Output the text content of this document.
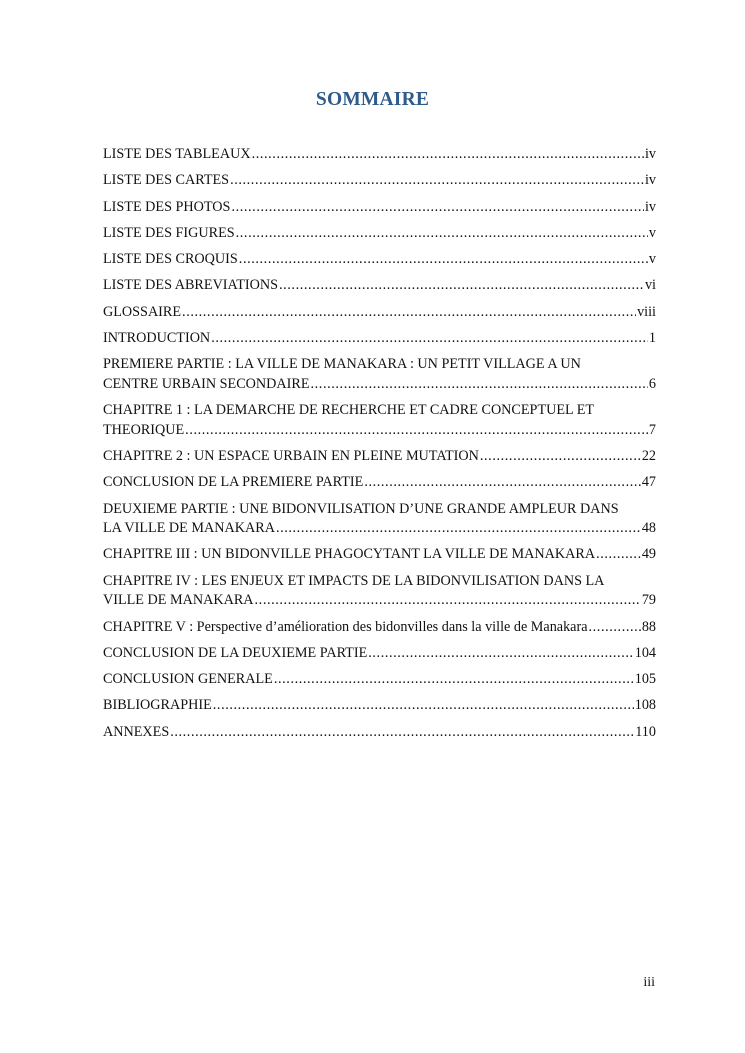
SOMMAIRE
LISTE DES TABLEAUX .....	iv
LISTE DES CARTES .....	iv
LISTE DES PHOTOS .....	iv
LISTE DES FIGURES .....	v
LISTE DES CROQUIS .....	v
LISTE DES ABREVIATIONS .....	vi
GLOSSAIRE .....	viii
INTRODUCTION .....	1
PREMIERE PARTIE : LA VILLE DE MANAKARA : UN PETIT VILLAGE A UN
CENTRE URBAIN SECONDAIRE .....	6
CHAPITRE 1 : LA DEMARCHE DE RECHERCHE ET CADRE CONCEPTUEL ET
THEORIQUE .....	7
CHAPITRE 2 : UN ESPACE URBAIN EN PLEINE MUTATION .....	22
CONCLUSION DE LA PREMIERE PARTIE .....	47
DEUXIEME PARTIE : UNE BIDONVILISATION D’UNE GRANDE AMPLEUR DANS
LA VILLE DE MANAKARA .....	48
CHAPITRE III : UN BIDONVILLE PHAGOCYTANT LA VILLE DE MANAKARA .....	49
CHAPITRE IV : LES ENJEUX ET IMPACTS DE LA BIDONVILISATION DANS LA
VILLE DE MANAKARA .....	79
CHAPITRE V : Perspective d’amélioration des bidonvilles dans la ville de Manakara .....	88
CONCLUSION DE LA DEUXIEME PARTIE .....	104
CONCLUSION GENERALE .....	105
BIBLIOGRAPHIE .....	108
ANNEXES .....	110
iii
